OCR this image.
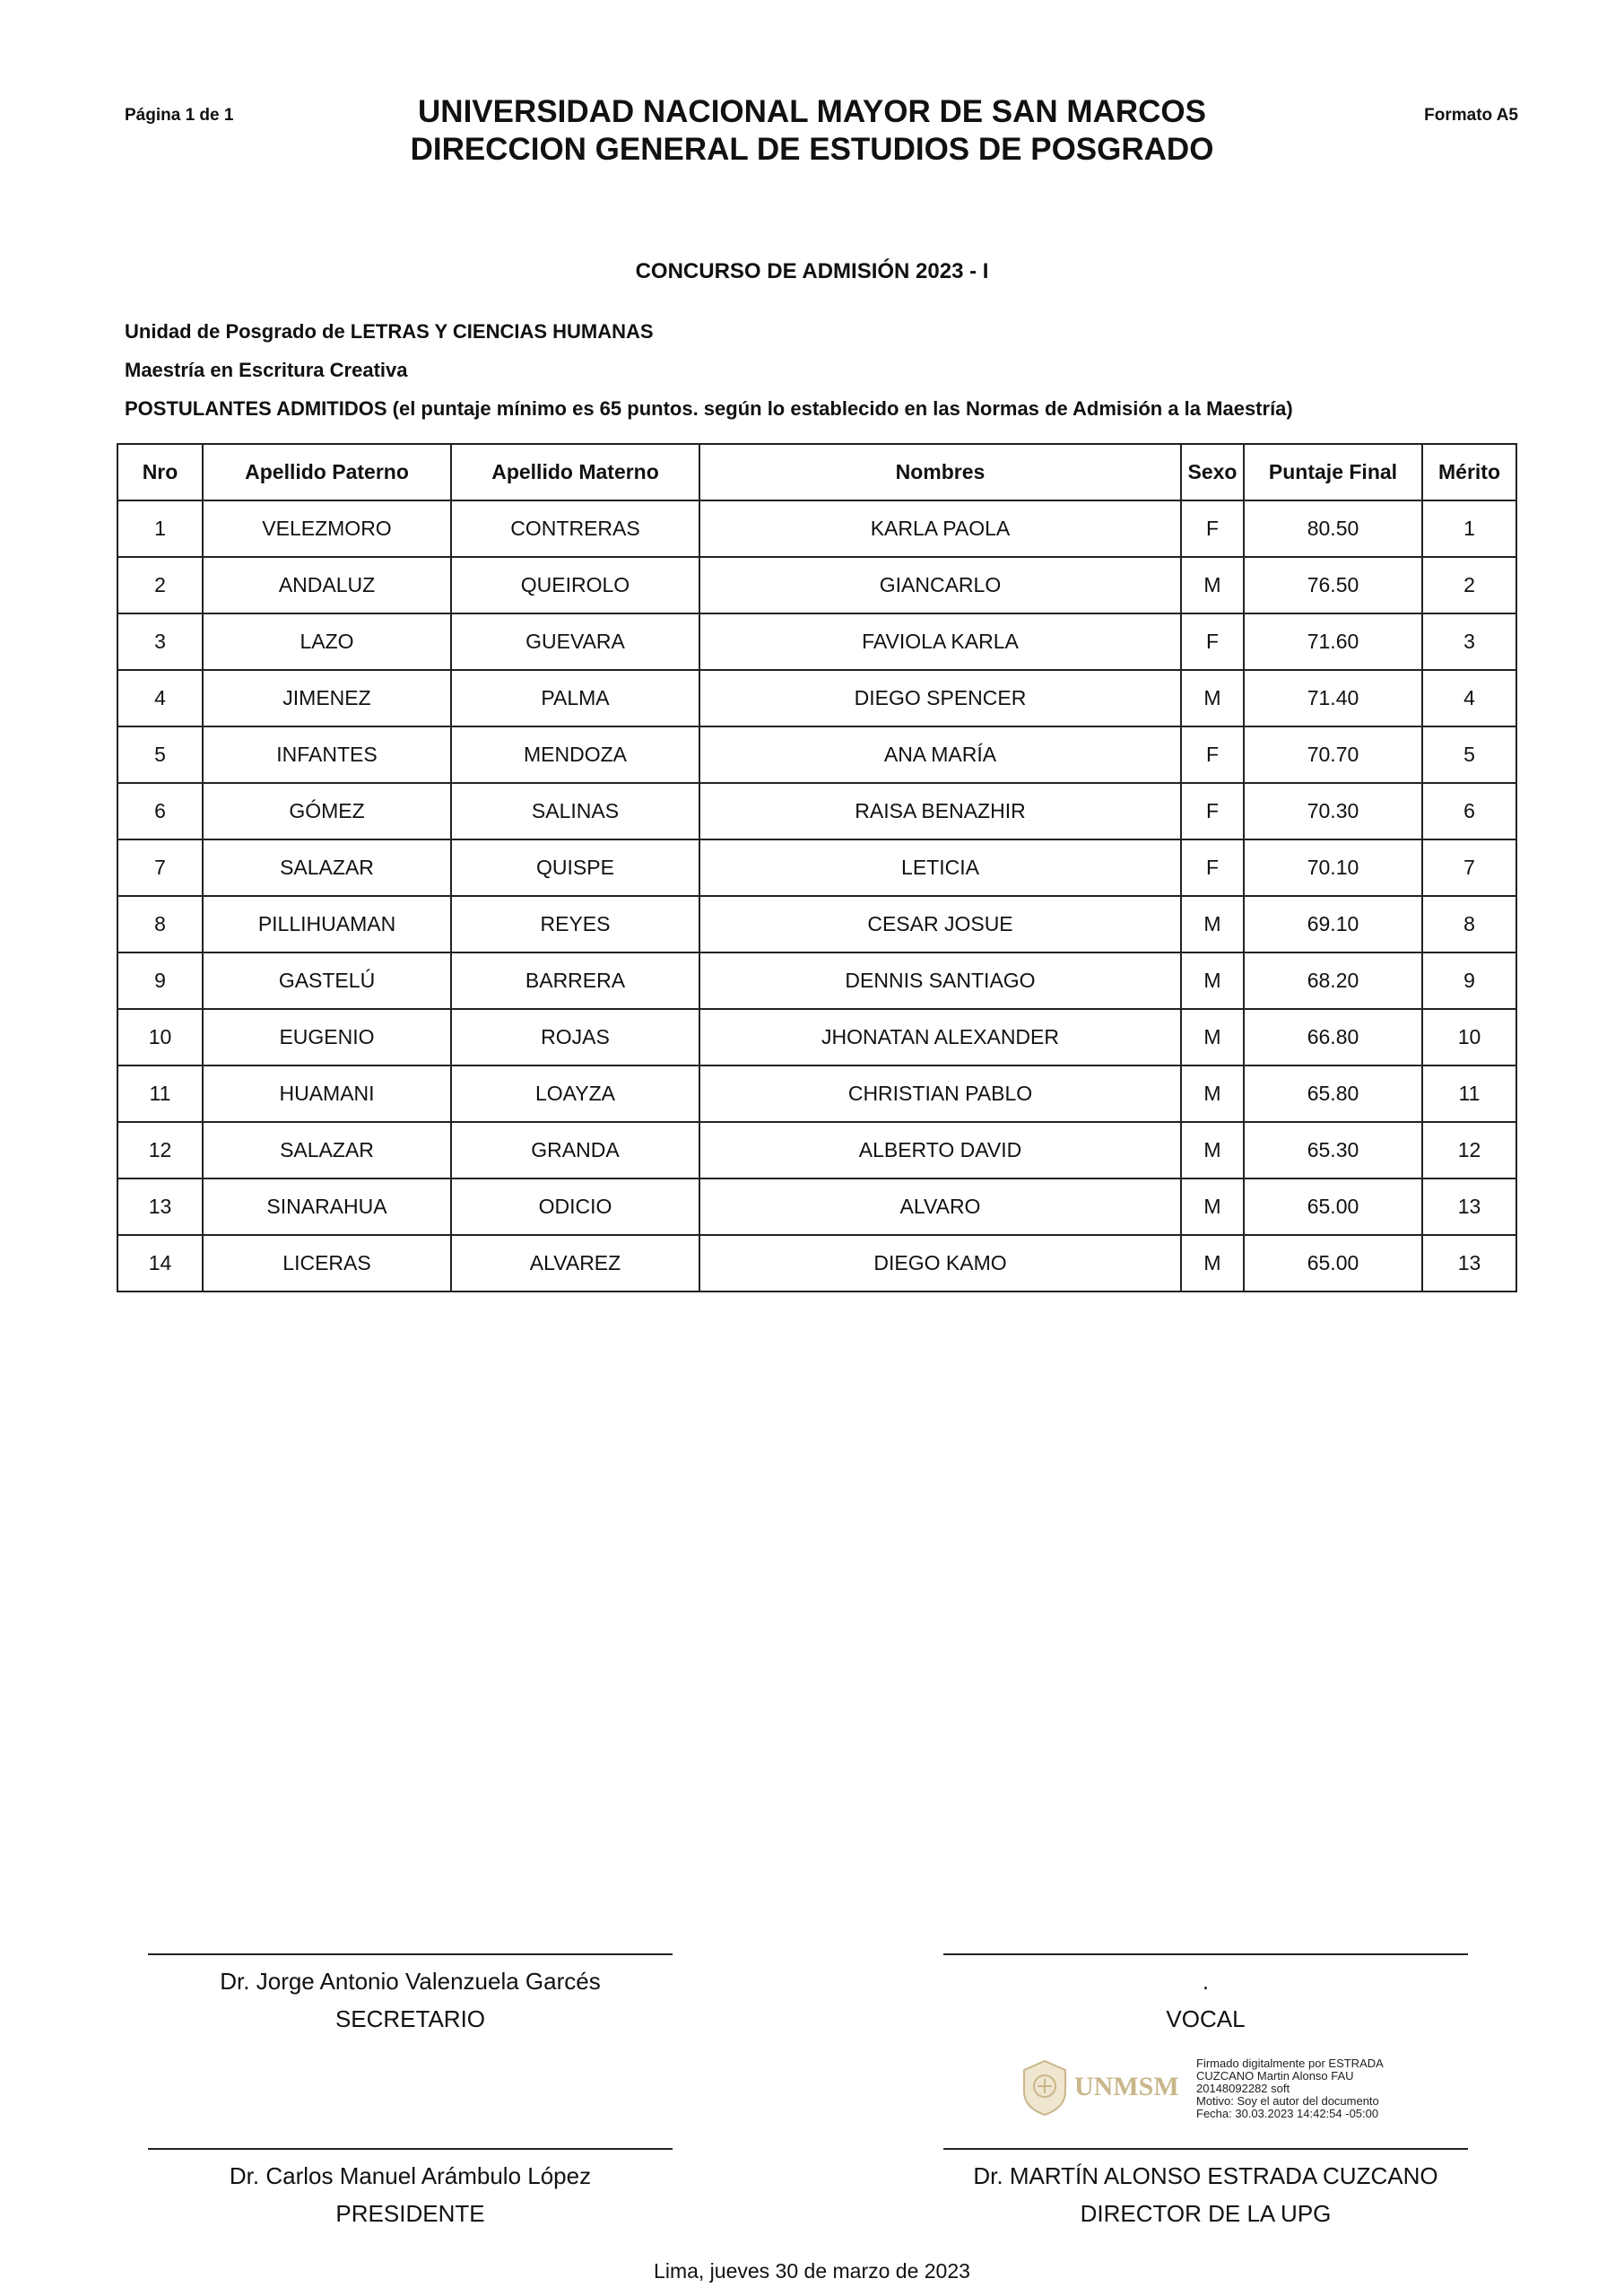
Página 1 de 1	Formato A5
UNIVERSIDAD NACIONAL MAYOR DE SAN MARCOS
DIRECCION GENERAL DE ESTUDIOS DE POSGRADO
CONCURSO DE ADMISIÓN 2023 - I
Unidad de Posgrado de LETRAS Y CIENCIAS HUMANAS
Maestría en Escritura Creativa
POSTULANTES ADMITIDOS (el puntaje mínimo es 65 puntos. según lo establecido en las Normas de Admisión a la Maestría)
Nro	Apellido Paterno	Apellido Materno	Nombres	Sexo	Puntaje Final	Mérito
1	VELEZMORO	CONTRERAS	KARLA PAOLA	F	80.50	1
2	ANDALUZ	QUEIROLO	GIANCARLO	M	76.50	2
3	LAZO	GUEVARA	FAVIOLA KARLA	F	71.60	3
4	JIMENEZ	PALMA	DIEGO SPENCER	M	71.40	4
5	INFANTES	MENDOZA	ANA MARÍA	F	70.70	5
6	GÓMEZ	SALINAS	RAISA BENAZHIR	F	70.30	6
7	SALAZAR	QUISPE	LETICIA	F	70.10	7
8	PILLIHUAMAN	REYES	CESAR JOSUE	M	69.10	8
9	GASTELÚ	BARRERA	DENNIS SANTIAGO	M	68.20	9
10	EUGENIO	ROJAS	JHONATAN ALEXANDER	M	66.80	10
11	HUAMANI	LOAYZA	CHRISTIAN PABLO	M	65.80	11
12	SALAZAR	GRANDA	ALBERTO DAVID	M	65.30	12
13	SINARAHUA	ODICIO	ALVARO	M	65.00	13
14	LICERAS	ALVAREZ	DIEGO KAMO	M	65.00	13
Dr. Jorge Antonio Valenzuela Garcés
SECRETARIO
.
VOCAL
UNMSM
Firmado digitalmente por ESTRADA
CUZCANO Martin Alonso FAU
20148092282 soft
Motivo: Soy el autor del documento
Fecha: 30.03.2023 14:42:54 -05:00
Dr. Carlos Manuel Arámbulo López
PRESIDENTE
Dr. MARTÍN ALONSO ESTRADA CUZCANO
DIRECTOR DE LA UPG
Lima, jueves 30 de marzo de 2023
